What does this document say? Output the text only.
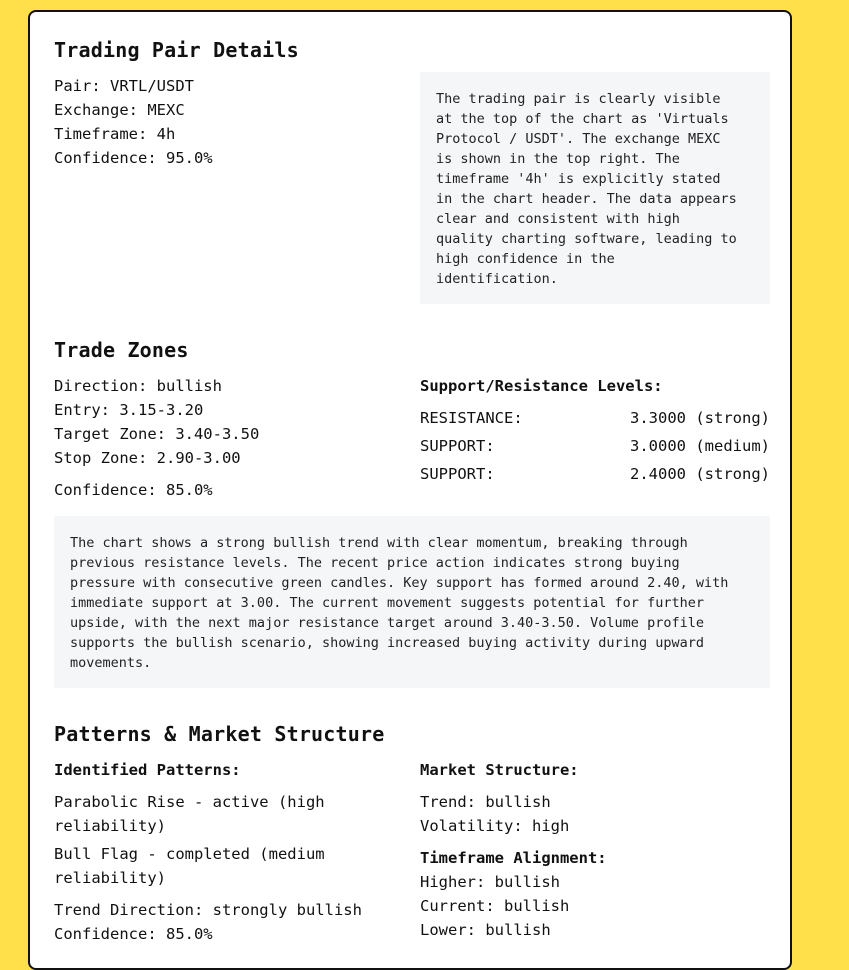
Trading Pair Details
Pair: VRTL/USDT
Exchange: MEXC
Timeframe: 4h
Confidence: 95.0%
The trading pair is clearly visible
at the top of the chart as 'Virtuals
Protocol / USDT'. The exchange MEXC
is shown in the top right. The
timeframe '4h' is explicitly stated
in the chart header. The data appears
clear and consistent with high
quality charting software, leading to
high confidence in the
identification.
Trade Zones
Direction: bullish
Entry: 3.15-3.20
Target Zone: 3.40-3.50
Stop Zone: 2.90-3.00
Confidence: 85.0%
Support/Resistance Levels:
RESISTANCE:	3.3000 (strong)
SUPPORT:	3.0000 (medium)
SUPPORT:	2.4000 (strong)
The chart shows a strong bullish trend with clear momentum, breaking through
previous resistance levels. The recent price action indicates strong buying
pressure with consecutive green candles. Key support has formed around 2.40, with
immediate support at 3.00. The current movement suggests potential for further
upside, with the next major resistance target around 3.40-3.50. Volume profile
supports the bullish scenario, showing increased buying activity during upward
movements.
Patterns & Market Structure
Identified Patterns:
Parabolic Rise - active (high reliability)
Bull Flag - completed (medium reliability)
Trend Direction: strongly bullish
Confidence: 85.0%
Market Structure:
Trend: bullish
Volatility: high
Timeframe Alignment:
Higher: bullish
Current: bullish
Lower: bullish
